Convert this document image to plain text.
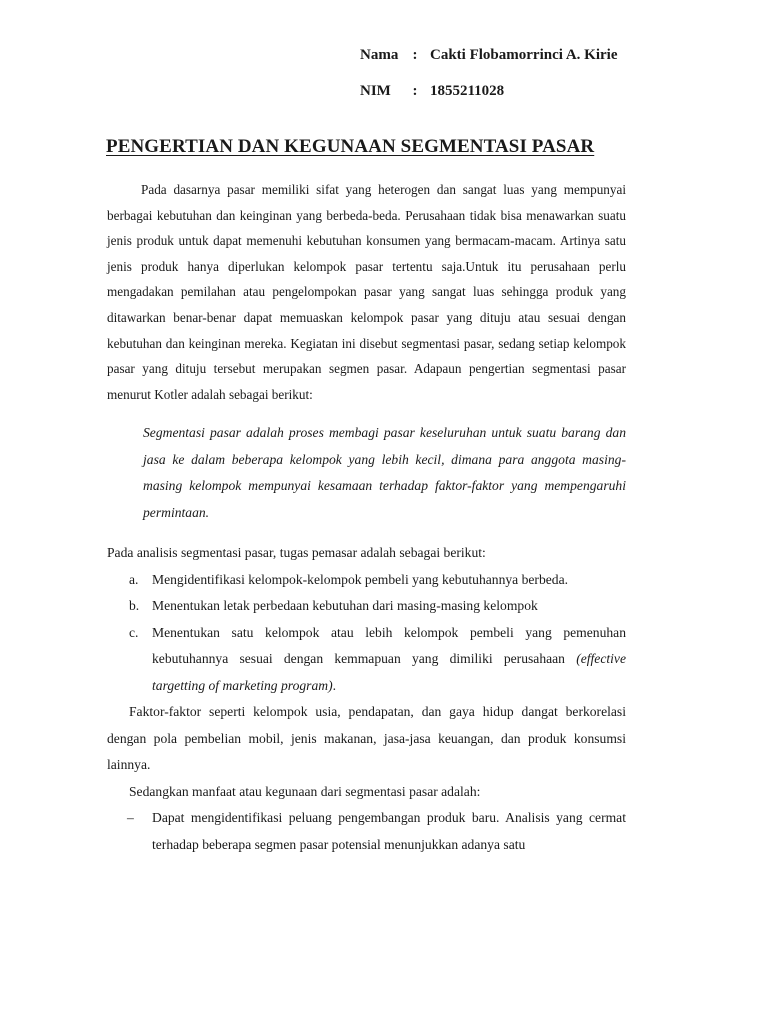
Nama : Cakti Flobamorrinci A. Kirie
NIM : 1855211028
PENGERTIAN DAN KEGUNAAN SEGMENTASI PASAR

Pada dasarnya pasar memiliki sifat yang heterogen dan sangat luas yang mempunyai berbagai kebutuhan dan keinginan yang berbeda-beda. Perusahaan tidak bisa menawarkan suatu jenis produk untuk dapat memenuhi kebutuhan konsumen yang bermacam-macam. Artinya satu jenis produk hanya diperlukan kelompok pasar tertentu saja.Untuk itu perusahaan perlu mengadakan pemilahan atau pengelompokan pasar yang sangat luas sehingga produk yang ditawarkan benar-benar dapat memuaskan kelompok pasar yang dituju atau sesuai dengan kebutuhan dan keinginan mereka. Kegiatan ini disebut segmentasi pasar, sedang setiap kelompok pasar yang dituju tersebut merupakan segmen pasar. Adapaun pengertian segmentasi pasar menurut Kotler adalah sebagai berikut:

Segmentasi pasar adalah proses membagi pasar keseluruhan untuk suatu barang dan jasa ke dalam beberapa kelompok yang lebih kecil, dimana para anggota masing-masing kelompok mempunyai kesamaan terhadap faktor-faktor yang mempengaruhi permintaan.

Pada analisis segmentasi pasar, tugas pemasar adalah sebagai berikut:

a. Mengidentifikasi kelompok-kelompok pembeli yang kebutuhannya berbeda.
b. Menentukan letak perbedaan kebutuhan dari masing-masing kelompok
c. Menentukan satu kelompok atau lebih kelompok pembeli yang pemenuhan kebutuhannya sesuai dengan kemmapuan yang dimiliki perusahaan (effective targetting of marketing program).

Faktor-faktor seperti kelompok usia, pendapatan, dan gaya hidup dangat berkorelasi dengan pola pembelian mobil, jenis makanan, jasa-jasa keuangan, dan produk konsumsi lainnya.

Sedangkan manfaat atau kegunaan dari segmentasi pasar adalah:

– Dapat mengidentifikasi peluang pengembangan produk baru. Analisis yang cermat terhadap beberapa segmen pasar potensial menunjukkan adanya satu
